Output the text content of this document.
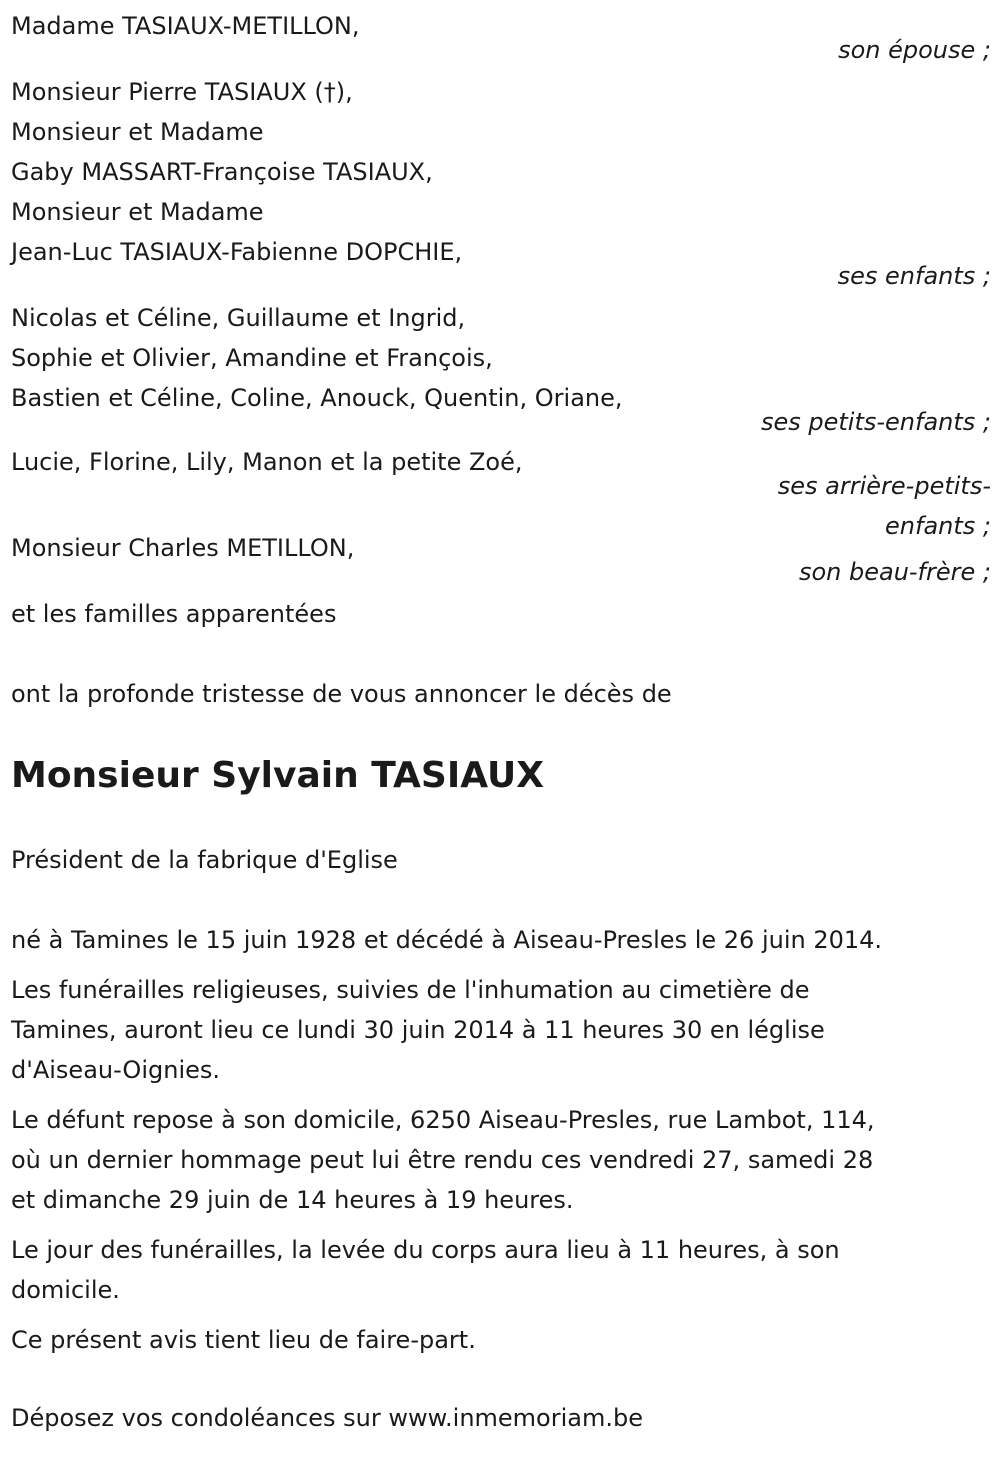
Madame TASIAUX-METILLON,
son épouse ;
Monsieur Pierre TASIAUX (†),
Monsieur et Madame
Gaby MASSART-Françoise TASIAUX,
Monsieur et Madame
Jean-Luc TASIAUX-Fabienne DOPCHIE,
ses enfants ;
Nicolas et Céline, Guillaume et Ingrid,
Sophie et Olivier, Amandine et François,
Bastien et Céline, Coline, Anouck, Quentin, Oriane,
ses petits-enfants ;
Lucie, Florine, Lily, Manon et la petite Zoé,
ses arrière-petits-
enfants ;
Monsieur Charles METILLON,
son beau-frère ;
et les familles apparentées
ont la profonde tristesse de vous annoncer le décès de
Monsieur Sylvain TASIAUX
Président de la fabrique d'Eglise
né à Tamines le 15 juin 1928 et décédé à Aiseau-Presles le 26 juin 2014.
Les funérailles religieuses, suivies de l'inhumation au cimetière de
Tamines, auront lieu ce lundi 30 juin 2014 à 11 heures 30 en léglise
d'Aiseau-Oignies.
Le défunt repose à son domicile, 6250 Aiseau-Presles, rue Lambot, 114,
où un dernier hommage peut lui être rendu ces vendredi 27, samedi 28
et dimanche 29 juin de 14 heures à 19 heures.
Le jour des funérailles, la levée du corps aura lieu à 11 heures, à son
domicile.
Ce présent avis tient lieu de faire-part.
Déposez vos condoléances sur www.inmemoriam.be
